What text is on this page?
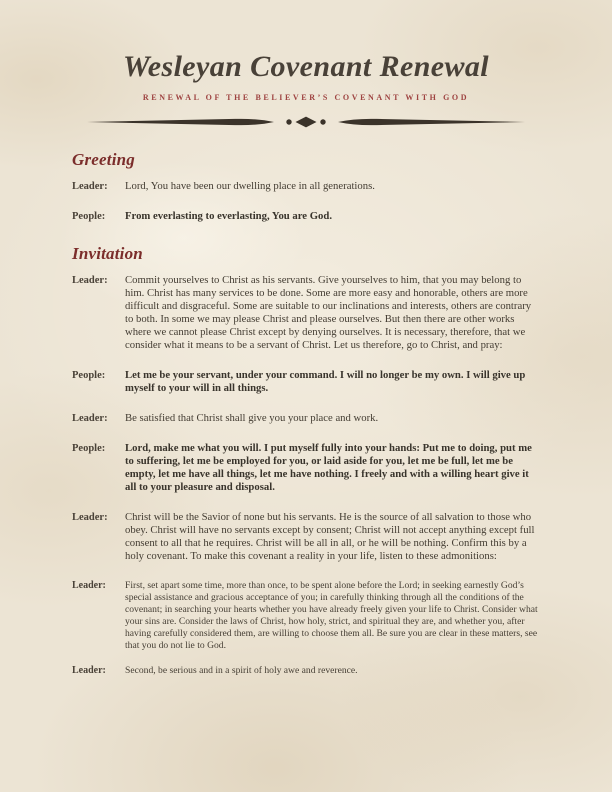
Wesleyan Covenant Renewal
RENEWAL OF THE BELIEVER’S COVENANT WITH GOD
Greeting
Leader:	Lord, You have been our dwelling place in all generations.

People:	From everlasting to everlasting, You are God.

Invitation
Leader:	Commit yourselves to Christ as his servants. Give yourselves to him, that you may belong to him. Christ has many services to be done. Some are more easy and honorable, others are more difficult and disgraceful. Some are suitable to our inclinations and interests, others are contrary to both. In some we may please Christ and please ourselves. But then there are other works where we cannot please Christ except by denying ourselves. It is necessary, therefore, that we consider what it means to be a servant of Christ. Let us therefore, go to Christ, and pray:

People:	Let me be your servant, under your command. I will no longer be my own. I will give up myself to your will in all things.

Leader:	Be satisfied that Christ shall give you your place and work.

People:	Lord, make me what you will. I put myself fully into your hands: Put me to doing, put me to suffering, let me be employed for you, or laid aside for you, let me be full, let me be empty, let me have all things, let me have nothing. I freely and with a willing heart give it all to your pleasure and disposal.

Leader:	Christ will be the Savior of none but his servants. He is the source of all salvation to those who obey. Christ will have no servants except by consent; Christ will not accept anything except full consent to all that he requires. Christ will be all in all, or he will be nothing. Confirm this by a holy covenant. To make this covenant a reality in your life, listen to these admonitions:

Leader:	First, set apart some time, more than once, to be spent alone before the Lord; in seeking earnestly God’s special assistance and gracious acceptance of you; in carefully thinking through all the conditions of the covenant; in searching your hearts whether you have already freely given your life to Christ. Consider what your sins are. Consider the laws of Christ, how holy, strict, and spiritual they are, and whether you, after having carefully considered them, are willing to choose them all. Be sure you are clear in these matters, see that you do not lie to God.

Leader:	Second, be serious and in a spirit of holy awe and reverence.
